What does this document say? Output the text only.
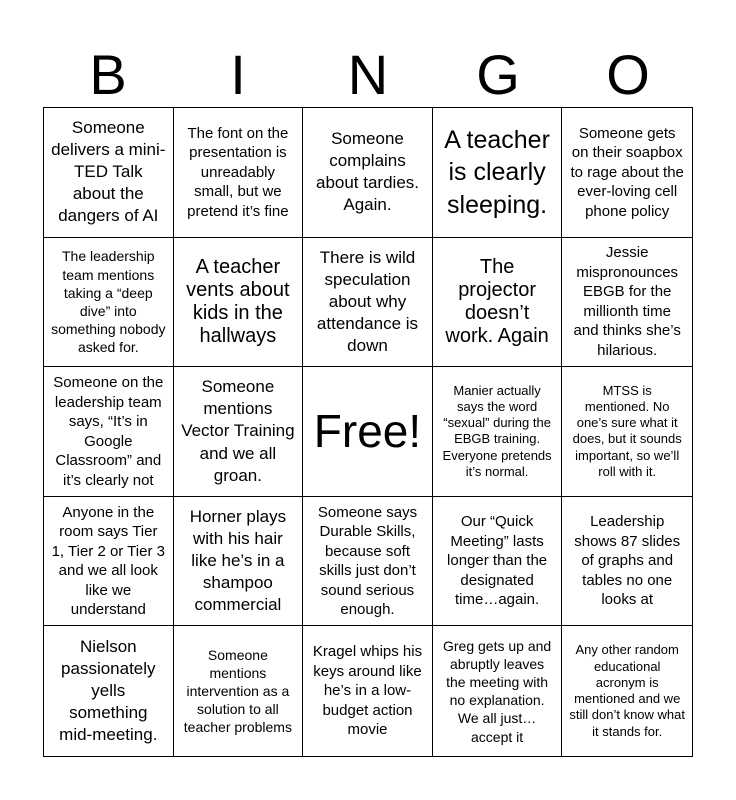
B	I	N	G	O
Someone delivers a mini-TED Talk about the dangers of AI
The font on the presentation is unreadably small, but we pretend it’s fine
Someone complains about tardies. Again.
A teacher is clearly sleeping.
Someone gets on their soapbox to rage about the ever-loving cell phone policy
The leadership team mentions taking a “deep dive” into something nobody asked for.
A teacher vents about kids in the hallways
There is wild speculation about why attendance is down
The projector doesn’t work. Again
Jessie mispronounces EBGB for the millionth time and thinks she’s hilarious.
Someone on the leadership team says, “It’s in Google Classroom” and it’s clearly not
Someone mentions Vector Training and we all groan.
Free!
Manier actually says the word “sexual” during the EBGB training. Everyone pretends it’s normal.
MTSS is mentioned. No one’s sure what it does, but it sounds important, so we’ll roll with it.
Anyone in the room says Tier 1, Tier 2 or Tier 3 and we all look like we understand
Horner plays with his hair like he’s in a shampoo commercial
Someone says Durable Skills, because soft skills just don’t sound serious enough.
Our “Quick Meeting” lasts longer than the designated time…again.
Leadership shows 87 slides of graphs and tables no one looks at
Nielson passionately yells something mid-meeting.
Someone mentions intervention as a solution to all teacher problems
Kragel whips his keys around like he’s in a low-budget action movie
Greg gets up and abruptly leaves the meeting with no explanation. We all just…accept it
Any other random educational acronym is mentioned and we still don’t know what it stands for.
